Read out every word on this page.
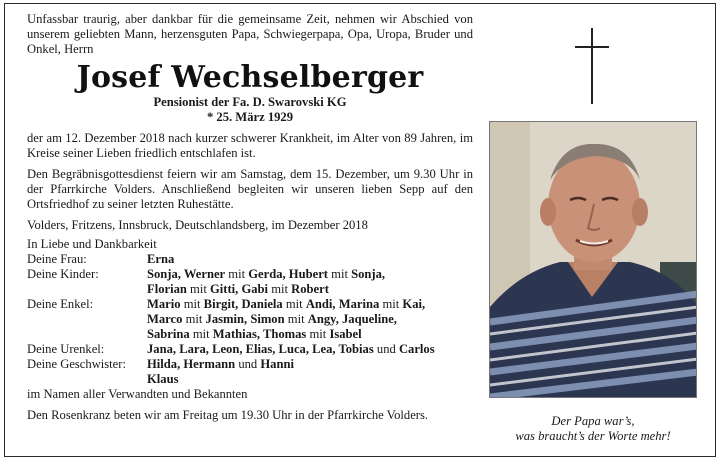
Unfassbar traurig, aber dankbar für die gemeinsame Zeit, nehmen wir Abschied von unserem geliebten Mann, herzensguten Papa, Schwiegerpapa, Opa, Uropa, Bruder und Onkel, Herrn
Josef Wechselberger
Pensionist der Fa. D. Swarovski KG
* 25. März 1929
der am 12. Dezember 2018 nach kurzer schwerer Krankheit, im Alter von 89 Jahren, im Kreise seiner Lieben friedlich entschlafen ist.
Den Begräbnisgottesdienst feiern wir am Samstag, dem 15. Dezember, um 9.30 Uhr in der Pfarrkirche Volders. Anschließend begleiten wir unseren lieben Sepp auf den Ortsfriedhof zu seiner letzten Ruhestätte.
Volders, Fritzens, Innsbruck, Deutschlandsberg, im Dezember 2018
In Liebe und Dankbarkeit
Deine Frau:	Erna
Deine Kinder:	Sonja, Werner mit Gerda, Hubert mit Sonja,
Florian mit Gitti, Gabi mit Robert
Deine Enkel:	Mario mit Birgit, Daniela mit Andi, Marina mit Kai,
Marco mit Jasmin, Simon mit Angy, Jaqueline,
Sabrina mit Mathias, Thomas mit Isabel
Deine Urenkel:	Jana, Lara, Leon, Elias, Luca, Lea, Tobias und Carlos
Deine Geschwister:	Hilda, Hermann und Hanni
Klaus
im Namen aller Verwandten und Bekannten
Den Rosenkranz beten wir am Freitag um 19.30 Uhr in der Pfarrkirche Volders.	Der Papa war’s,
was braucht’s der Worte mehr!
